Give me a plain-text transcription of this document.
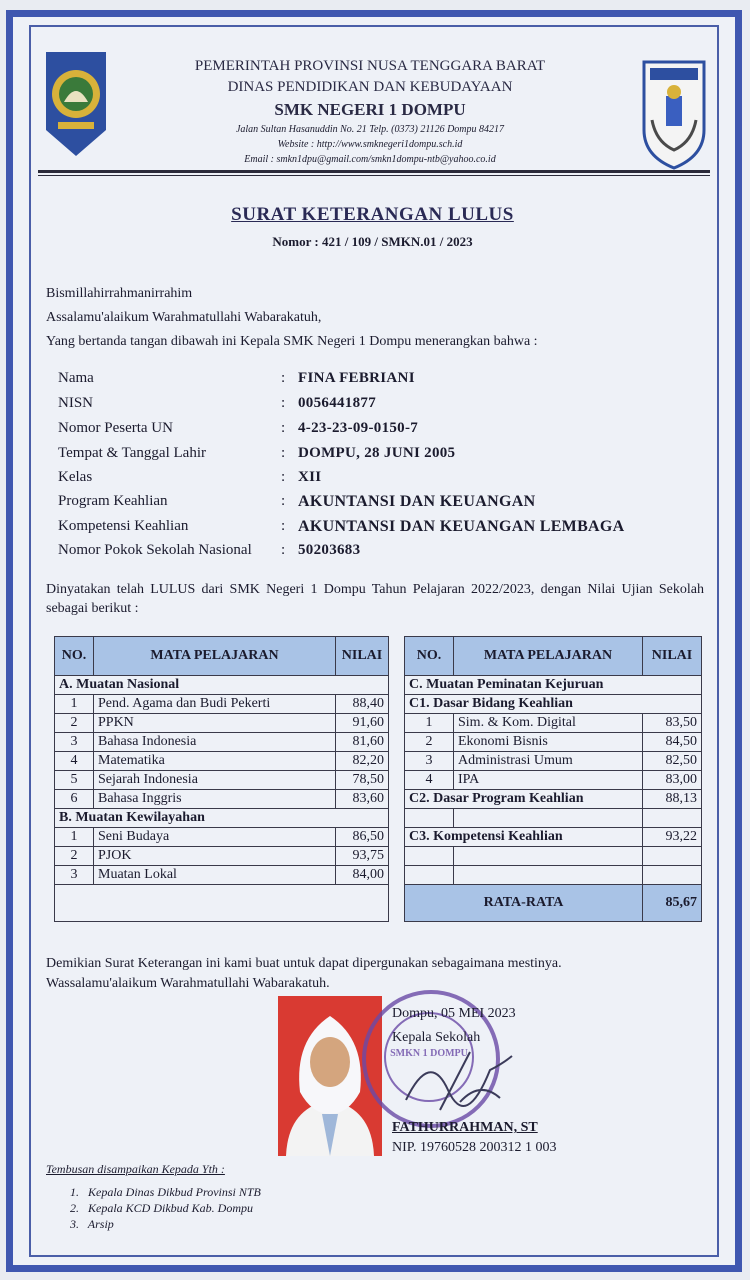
PEMERINTAH PROVINSI NUSA TENGGARA BARAT
DINAS PENDIDIKAN DAN KEBUDAYAAN
SMK NEGERI 1 DOMPU
Jalan Sultan Hasanuddin No. 21 Telp. (0373) 21126 Dompu 84217
Website : http://www.smknegeri1dompu.sch.id
Email : smkn1dpu@gmail.com/smkn1dompu-ntb@yahoo.co.id
SURAT KETERANGAN LULUS
Nomor : 421 / 109 / SMKN.01 / 2023
Bismillahirrahmanirrahim
Assalamu'alaikum Warahmatullahi Wabarakatuh,
Yang bertanda tangan dibawah ini Kepala SMK Negeri 1 Dompu menerangkan bahwa :
Nama	: FINA FEBRIANI
NISN	: 0056441877
Nomor Peserta UN	: 4-23-23-09-0150-7
Tempat & Tanggal Lahir	: DOMPU, 28 JUNI 2005
Kelas	: XII
Program Keahlian	: AKUNTANSI DAN KEUANGAN
Kompetensi Keahlian	: AKUNTANSI DAN KEUANGAN LEMBAGA
Nomor Pokok Sekolah Nasional	: 50203683
Dinyatakan telah LULUS dari SMK Negeri 1 Dompu Tahun Pelajaran 2022/2023, dengan Nilai Ujian Sekolah sebagai berikut :
NO.	MATA PELAJARAN	NILAI
A. Muatan Nasional		
1	Pend. Agama dan Budi Pekerti	88,40
2	PPKN	91,60
3	Bahasa Indonesia	81,60
4	Matematika	82,20
5	Sejarah Indonesia	78,50
6	Bahasa Inggris	83,60
B. Muatan Kewilayahan		
1	Seni Budaya	86,50
2	PJOK	93,75
3	Muatan Lokal	84,00

NO.	MATA PELAJARAN	NILAI
C. Muatan Peminatan Kejuruan		
C1. Dasar Bidang Keahlian		
1	Sim. & Kom. Digital	83,50
2	Ekonomi Bisnis	84,50
3	Administrasi Umum	82,50
4	IPA	83,00
C2. Dasar Program Keahlian		88,13

C3. Kompetensi Keahlian		93,22

RATA-RATA		85,67
Demikian Surat Keterangan ini kami buat untuk dapat dipergunakan sebagaimana mestinya.
Wassalamu'alaikum Warahmatullahi Wabarakatuh.
SMKN 1 DOMPU
Dompu, 05 MEI 2023
Kepala Sekolah
FATHURRAHMAN, ST
NIP. 19760528 200312 1 003
Tembusan disampaikan Kepada Yth :
1.   Kepala Dinas Dikbud Provinsi NTB
2.   Kepala KCD Dikbud Kab. Dompu
3.   Arsip
